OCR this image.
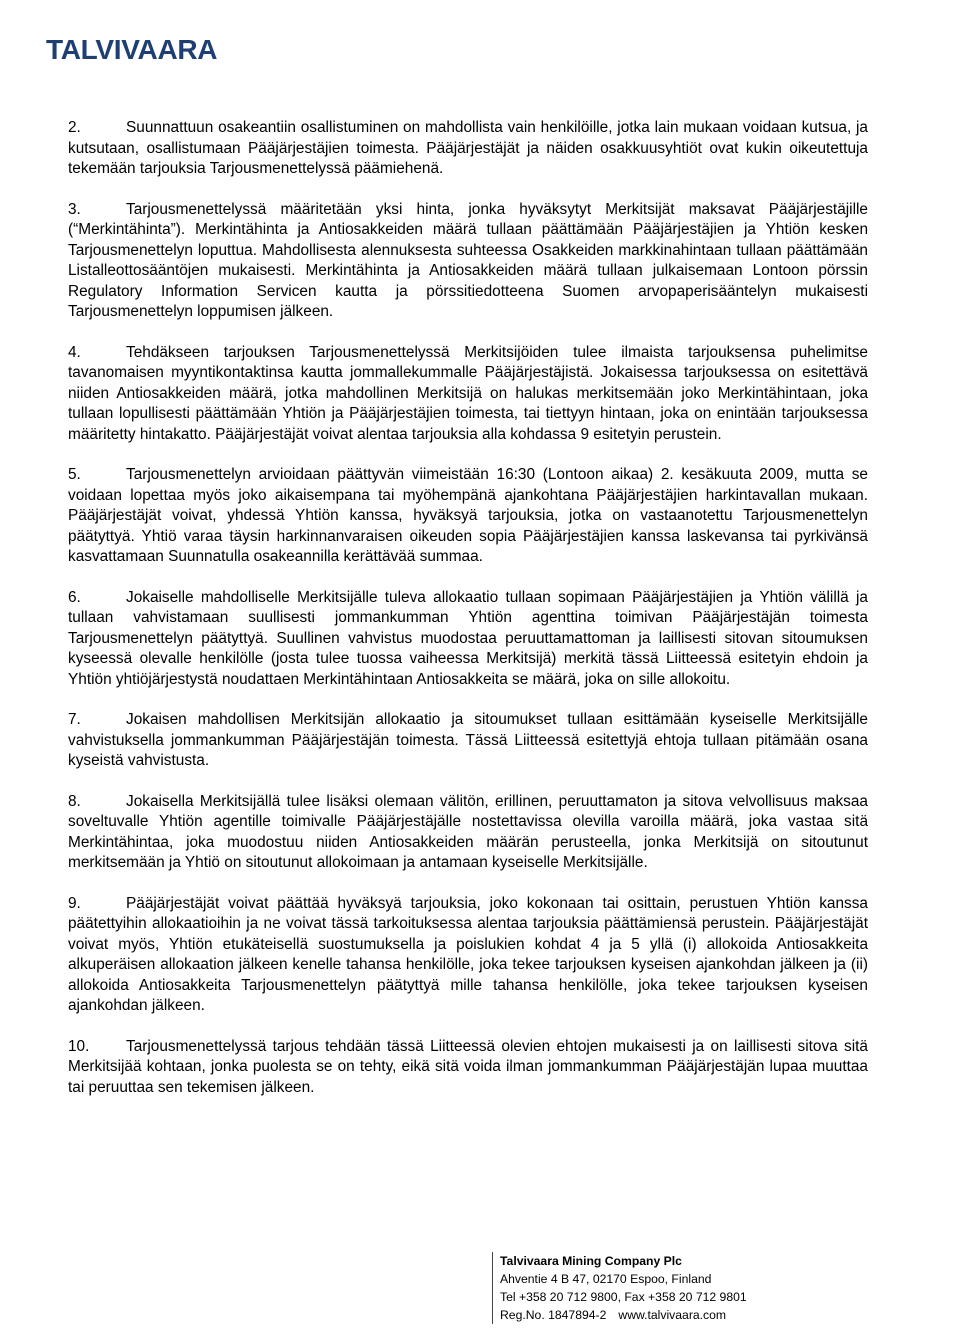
TALVIVAARA

2.	Suunnattuun osakeantiin osallistuminen on mahdollista vain henkilöille, jotka lain mukaan voidaan kutsua, ja kutsutaan, osallistumaan Pääjärjestäjien toimesta. Pääjärjestäjät ja näiden osakkuusyhtiöt ovat kukin oikeutettuja tekemään tarjouksia Tarjousmenettelyssä päämiehenä.

3.	Tarjousmenettelyssä määritetään yksi hinta, jonka hyväksytyt Merkitsijät maksavat Pääjärjestäjille (“Merkintähinta”). Merkintähinta ja Antiosakkeiden määrä tullaan päättämään Pääjärjestäjien ja Yhtiön kesken Tarjousmenettelyn loputtua. Mahdollisesta alennuksesta suhteessa Osakkeiden markkinahintaan tullaan päättämään Listalleottosääntöjen mukaisesti. Merkintähinta ja Antiosakkeiden määrä tullaan julkaisemaan Lontoon pörssin Regulatory Information Servicen kautta ja pörssitiedotteena Suomen arvopaperisääntelyn mukaisesti Tarjousmenettelyn loppumisen jälkeen.

4.	Tehdäkseen tarjouksen Tarjousmenettelyssä Merkitsijöiden tulee ilmaista tarjouksensa puhelimitse tavanomaisen myyntikontaktinsa kautta jommallekummalle Pääjärjestäjistä. Jokaisessa tarjouksessa on esitettävä niiden Antiosakkeiden määrä, jotka mahdollinen Merkitsijä on halukas merkitsemään joko Merkintähintaan, joka tullaan lopullisesti päättämään Yhtiön ja Pääjärjestäjien toimesta, tai tiettyyn hintaan, joka on enintään tarjouksessa määritetty hintakatto. Pääjärjestäjät voivat alentaa tarjouksia alla kohdassa 9 esitetyin perustein.

5.	Tarjousmenettelyn arvioidaan päättyvän viimeistään 16:30 (Lontoon aikaa) 2. kesäkuuta 2009, mutta se voidaan lopettaa myös joko aikaisempana tai myöhempänä ajankohtana Pääjärjestäjien harkintavallan mukaan. Pääjärjestäjät voivat, yhdessä Yhtiön kanssa, hyväksyä tarjouksia, jotka on vastaanotettu Tarjousmenettelyn päätyttyä. Yhtiö varaa täysin harkinnanvaraisen oikeuden sopia Pääjärjestäjien kanssa laskevansa tai pyrkivänsä kasvattamaan Suunnatulla osakeannilla kerättävää summaa.

6.	Jokaiselle mahdolliselle Merkitsijälle tuleva allokaatio tullaan sopimaan Pääjärjestäjien ja Yhtiön välillä ja tullaan vahvistamaan suullisesti jommankumman Yhtiön agenttina toimivan Pääjärjestäjän toimesta Tarjousmenettelyn päätyttyä. Suullinen vahvistus muodostaa peruuttamattoman ja laillisesti sitovan sitoumuksen kyseessä olevalle henkilölle (josta tulee tuossa vaiheessa Merkitsijä) merkitä tässä Liitteessä esitetyin ehdoin ja Yhtiön yhtiöjärjestystä noudattaen Merkintähintaan Antiosakkeita se määrä, joka on sille allokoitu.

7.	Jokaisen mahdollisen Merkitsijän allokaatio ja sitoumukset tullaan esittämään kyseiselle Merkitsijälle vahvistuksella jommankumman Pääjärjestäjän toimesta. Tässä Liitteessä esitettyjä ehtoja tullaan pitämään osana kyseistä vahvistusta.

8.	Jokaisella Merkitsijällä tulee lisäksi olemaan välitön, erillinen, peruuttamaton ja sitova velvollisuus maksaa soveltuvalle Yhtiön agentille toimivalle Pääjärjestäjälle nostettavissa olevilla varoilla määrä, joka vastaa sitä Merkintähintaa, joka muodostuu niiden Antiosakkeiden määrän perusteella, jonka Merkitsijä on sitoutunut merkitsemään ja Yhtiö on sitoutunut allokoimaan ja antamaan kyseiselle Merkitsijälle.

9.	Pääjärjestäjät voivat päättää hyväksyä tarjouksia, joko kokonaan tai osittain, perustuen Yhtiön kanssa päätettyihin allokaatioihin ja ne voivat tässä tarkoituksessa alentaa tarjouksia päättämiensä perustein. Pääjärjestäjät voivat myös, Yhtiön etukäteisellä suostumuksella ja poislukien kohdat 4 ja 5 yllä (i) allokoida Antiosakkeita alkuperäisen allokaation jälkeen kenelle tahansa henkilölle, joka tekee tarjouksen kyseisen ajankohdan jälkeen ja (ii) allokoida Antiosakkeita Tarjousmenettelyn päätyttyä mille tahansa henkilölle, joka tekee tarjouksen kyseisen ajankohdan jälkeen.

10. Tarjousmenettelyssä tarjous tehdään tässä Liitteessä olevien ehtojen mukaisesti ja on laillisesti sitova sitä Merkitsijää kohtaan, jonka puolesta se on tehty, eikä sitä voida ilman jommankumman Pääjärjestäjän lupaa muuttaa tai peruuttaa sen tekemisen jälkeen.

Talvivaara Mining Company Plc
Ahventie 4 B 47, 02170 Espoo, Finland
Tel +358 20 712 9800, Fax +358 20 712 9801
Reg.No. 1847894-2 www.talvivaara.com
